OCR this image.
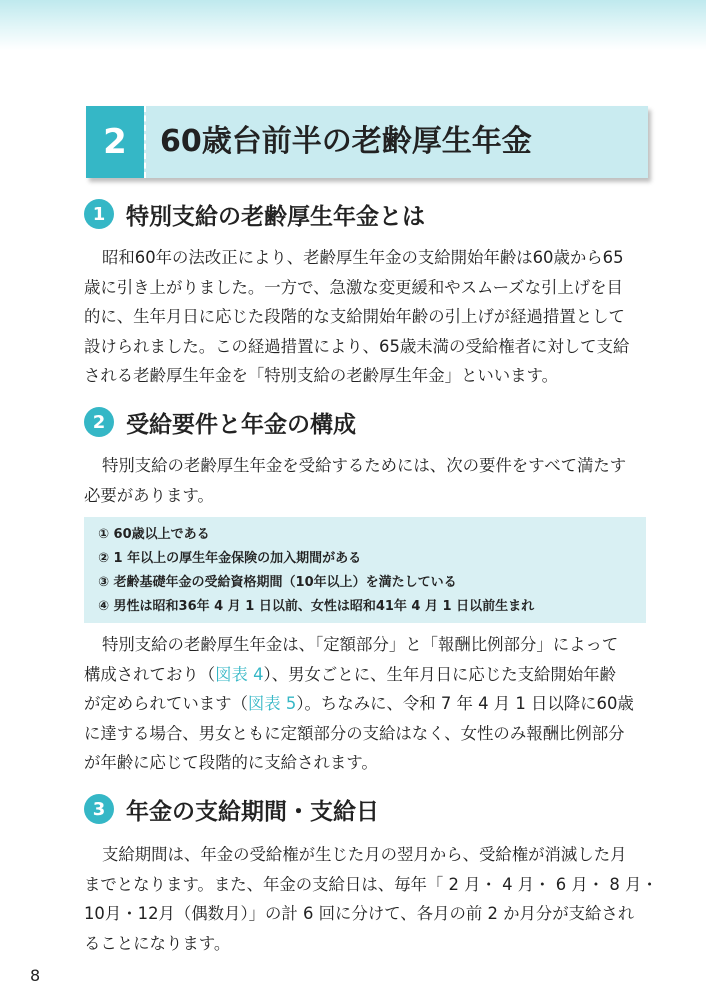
2	60歳台前半の老齢厚生年金
1 特別支給の老齢厚生年金とは
昭和60年の法改正により、老齢厚生年金の支給開始年齢は60歳から65
歳に引き上がりました。一方で、急激な変更緩和やスムーズな引上げを目
的に、生年月日に応じた段階的な支給開始年齢の引上げが経過措置として
設けられました。この経過措置により、65歳未満の受給権者に対して支給
される老齢厚生年金を「特別支給の老齢厚生年金」といいます。
2 受給要件と年金の構成
特別支給の老齢厚生年金を受給するためには、次の要件をすべて満たす
必要があります。
① 60歳以上である
② 1 年以上の厚生年金保険の加入期間がある
③ 老齢基礎年金の受給資格期間（10年以上）を満たしている
④ 男性は昭和36年 4 月 1 日以前、女性は昭和41年 4 月 1 日以前生まれ
特別支給の老齢厚生年金は、「定額部分」と「報酬比例部分」によって
構成されており（図表 4）、男女ごとに、生年月日に応じた支給開始年齢
が定められています（図表 5）。ちなみに、令和 7 年 4 月 1 日以降に60歳
に達する場合、男女ともに定額部分の支給はなく、女性のみ報酬比例部分
が年齢に応じて段階的に支給されます。
3 年金の支給期間・支給日
支給期間は、年金の受給権が生じた月の翌月から、受給権が消滅した月
までとなります。また、年金の支給日は、毎年「 2 月・ 4 月・ 6 月・ 8 月・
10月・12月（偶数月）」の計 6 回に分けて、各月の前 2 か月分が支給され
ることになります。
8
